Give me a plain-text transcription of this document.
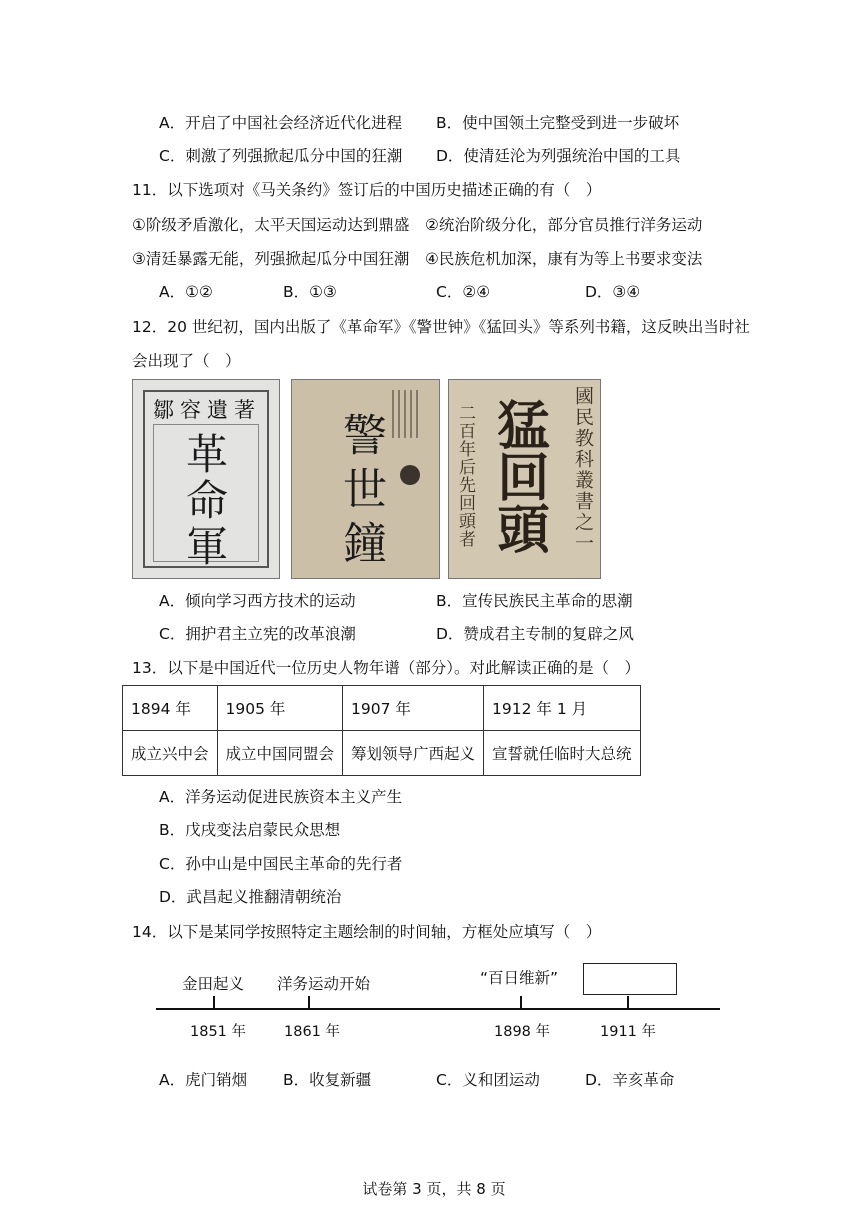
A．开启了中国社会经济近代化进程 B．使中国领土完整受到进一步破坏
C．刺激了列强掀起瓜分中国的狂潮 D．使清廷沦为列强统治中国的工具
11．以下选项对《马关条约》签订后的中国历史描述正确的有（　）
①阶级矛盾激化，太平天国运动达到鼎盛 ②统治阶级分化，部分官员推行洋务运动
③清廷暴露无能，列强掀起瓜分中国狂潮 ④民族危机加深，康有为等上书要求变法
A．①②	B．①③	C．②④	D．③④
12．20 世纪初，国内出版了《革命军》《警世钟》《猛回头》等系列书籍，这反映出当时社
会出现了（　）
鄒容遺著
革命軍 警世鐘	國民教科叢書之一
猛回頭
二百年后先回頭者
A．倾向学习西方技术的运动	B．宣传民族民主革命的思潮
C．拥护君主立宪的改革浪潮	D．赞成君主专制的复辟之风
13．以下是中国近代一位历史人物年谱（部分）。对此解读正确的是（　）
1894 年	1905 年	1907 年	1912 年 1 月
成立兴中会	成立中国同盟会	筹划领导广西起义	宣誓就任临时大总统
A．洋务运动促进民族资本主义产生
B．戊戌变法启蒙民众思想
C．孙中山是中国民主革命的先行者
D．武昌起义推翻清朝统治
14．以下是某同学按照特定主题绘制的时间轴，方框处应填写（　）
金田起义 洋务运动开始	“百日维新”
1851 年	1861 年	1898 年	1911 年
A．虎门销烟 B．收复新疆	C．义和团运动	D．辛亥革命
试卷第 3 页，共 8 页
